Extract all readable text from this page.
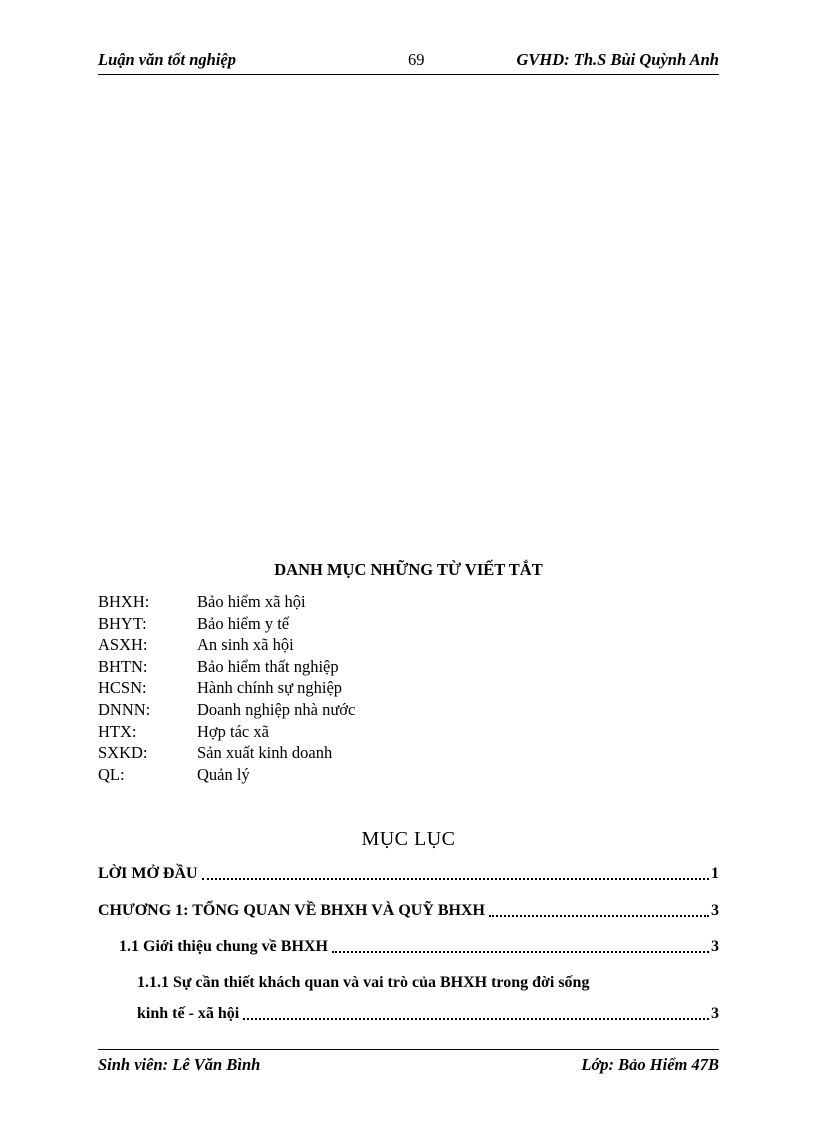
Luận văn tốt nghiệp	69	GVHD: Th.S Bùi Quỳnh Anh
DANH MỤC NHỮNG TỪ VIẾT TẮT
BHXH:	Bảo hiểm xã hội
BHYT:	Bảo hiểm y tế
ASXH:	An sinh xã hội
BHTN:	Bảo hiểm thất nghiệp
HCSN:	Hành chính sự nghiệp
DNNN:	Doanh nghiệp nhà nước
HTX:	Hợp tác xã
SXKD:	Sản xuất kinh doanh
QL:	Quản lý
MỤC LỤC
LỜI MỞ ĐẦU	1
CHƯƠNG 1: TỔNG QUAN VỀ BHXH VÀ QUỸ BHXH	3
1.1 Giới thiệu chung về BHXH	3
1.1.1 Sự cần thiết khách quan và vai trò của BHXH trong đời sống
kinh tế - xã hội	3
Sinh viên: Lê Văn Bình	Lớp: Bảo Hiểm 47B
